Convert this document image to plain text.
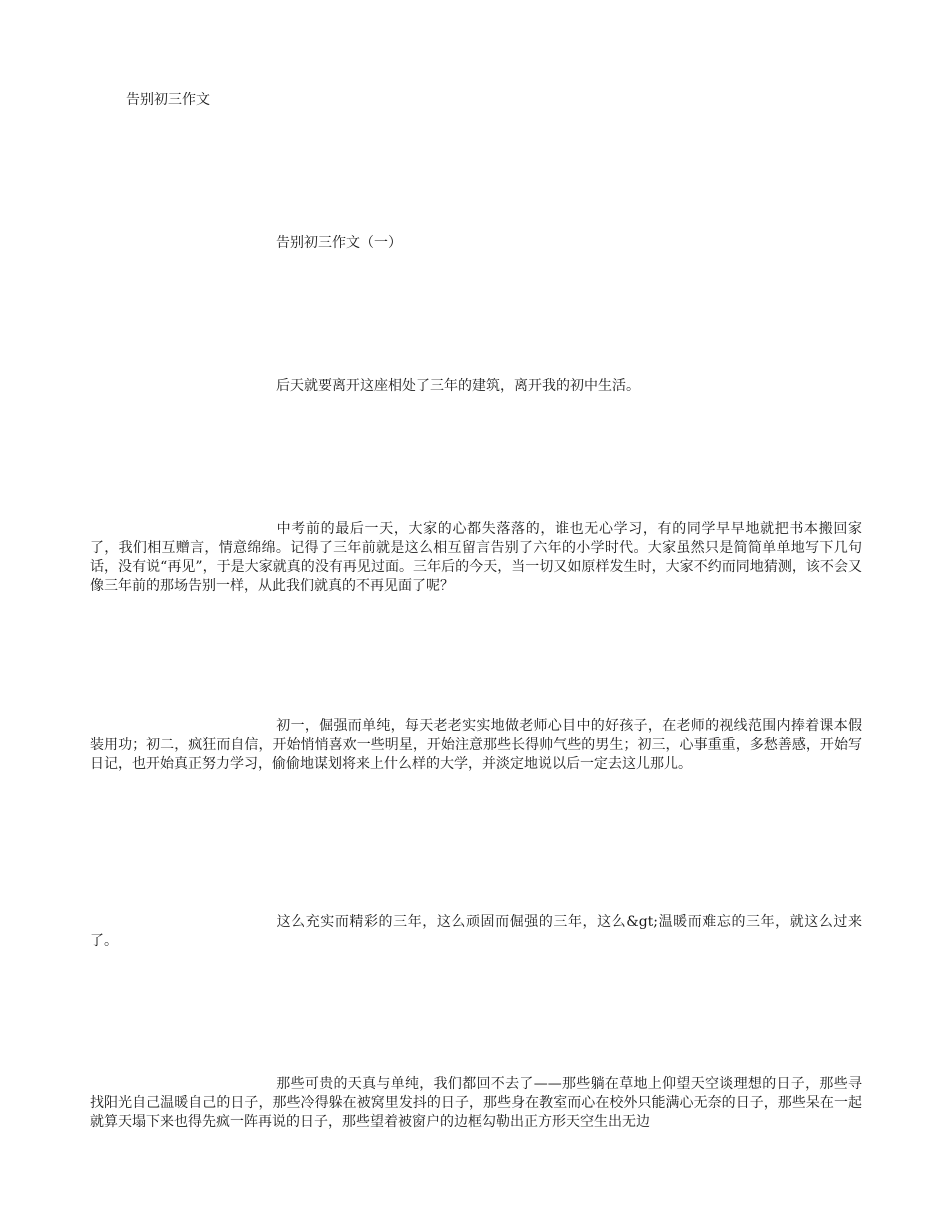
告别初三作文
告别初三作文（一）
后天就要离开这座相处了三年的建筑，离开我的初中生活。

中考前的最后一天，大家的心都失落落的，谁也无心学习，有的同学早早地就把书本搬回家了，我们相互赠言，情意绵绵。记得了三年前就是这么相互留言告别了六年的小学时代。大家虽然只是简简单单地写下几句话，没有说“再见”，于是大家就真的没有再见过面。三年后的今天，当一切又如原样发生时，大家不约而同地猜测，该不会又像三年前的那场告别一样，从此我们就真的不再见面了呢？

初一，倔强而单纯，每天老老实实地做老师心目中的好孩子，在老师的视线范围内捧着课本假装用功；初二，疯狂而自信，开始悄悄喜欢一些明星，开始注意那些长得帅气些的男生；初三，心事重重，多愁善感，开始写日记，也开始真正努力学习，偷偷地谋划将来上什么样的大学，并淡定地说以后一定去这儿那儿。

这么充实而精彩的三年，这么顽固而倔强的三年，这么&gt;温暖而难忘的三年，就这么过来了。

那些可贵的天真与单纯，我们都回不去了——那些躺在草地上仰望天空谈理想的日子，那些寻找阳光自己温暖自己的日子，那些冷得躲在被窝里发抖的日子，那些身在教室而心在校外只能满心无奈的日子，那些呆在一起就算天塌下来也得先疯一阵再说的日子，那些望着被窗户的边框勾勒出正方形天空生出无边
